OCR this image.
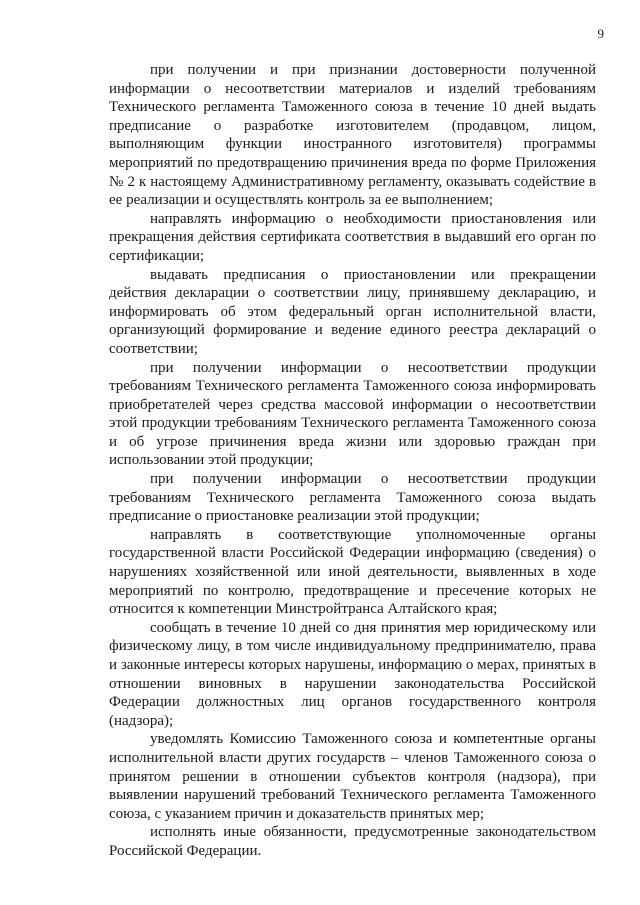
9

при получении и при признании достоверности полученной информации о несоответствии материалов и изделий требованиям Технического регламента Таможенного союза в течение 10 дней выдать предписание о разработке изготовителем (продавцом, лицом, выполняющим функции иностранного изготовителя) программы мероприятий по предотвращению причинения вреда по форме Приложения № 2 к настоящему Административному регламенту, оказывать содействие в ее реализации и осуществлять контроль за ее выполнением;

направлять информацию о необходимости приостановления или прекращения действия сертификата соответствия в выдавший его орган по сертификации;

выдавать предписания о приостановлении или прекращении действия декларации о соответствии лицу, принявшему декларацию, и информировать об этом федеральный орган исполнительной власти, организующий формирование и ведение единого реестра деклараций о соответствии;

при получении информации о несоответствии продукции требованиям Технического регламента Таможенного союза информировать приобретателей через средства массовой информации о несоответствии этой продукции требованиям Технического регламента Таможенного союза и об угрозе причинения вреда жизни или здоровью граждан при использовании этой продукции;

при получении информации о несоответствии продукции требованиям Технического регламента Таможенного союза выдать предписание о приостановке реализации этой продукции;

направлять в соответствующие уполномоченные органы государственной власти Российской Федерации информацию (сведения) о нарушениях хозяйственной или иной деятельности, выявленных в ходе мероприятий по контролю, предотвращение и пресечение которых не относится к компетенции Минстройтранса Алтайского края;

сообщать в течение 10 дней со дня принятия мер юридическому или физическому лицу, в том числе индивидуальному предпринимателю, права и законные интересы которых нарушены, информацию о мерах, принятых в отношении виновных в нарушении законодательства Российской Федерации должностных лиц органов государственного контроля (надзора);

уведомлять Комиссию Таможенного союза и компетентные органы исполнительной власти других государств – членов Таможенного союза о принятом решении в отношении субъектов контроля (надзора), при выявлении нарушений требований Технического регламента Таможенного союза, с указанием причин и доказательств принятых мер;

исполнять иные обязанности, предусмотренные законодательством Российской Федерации.
